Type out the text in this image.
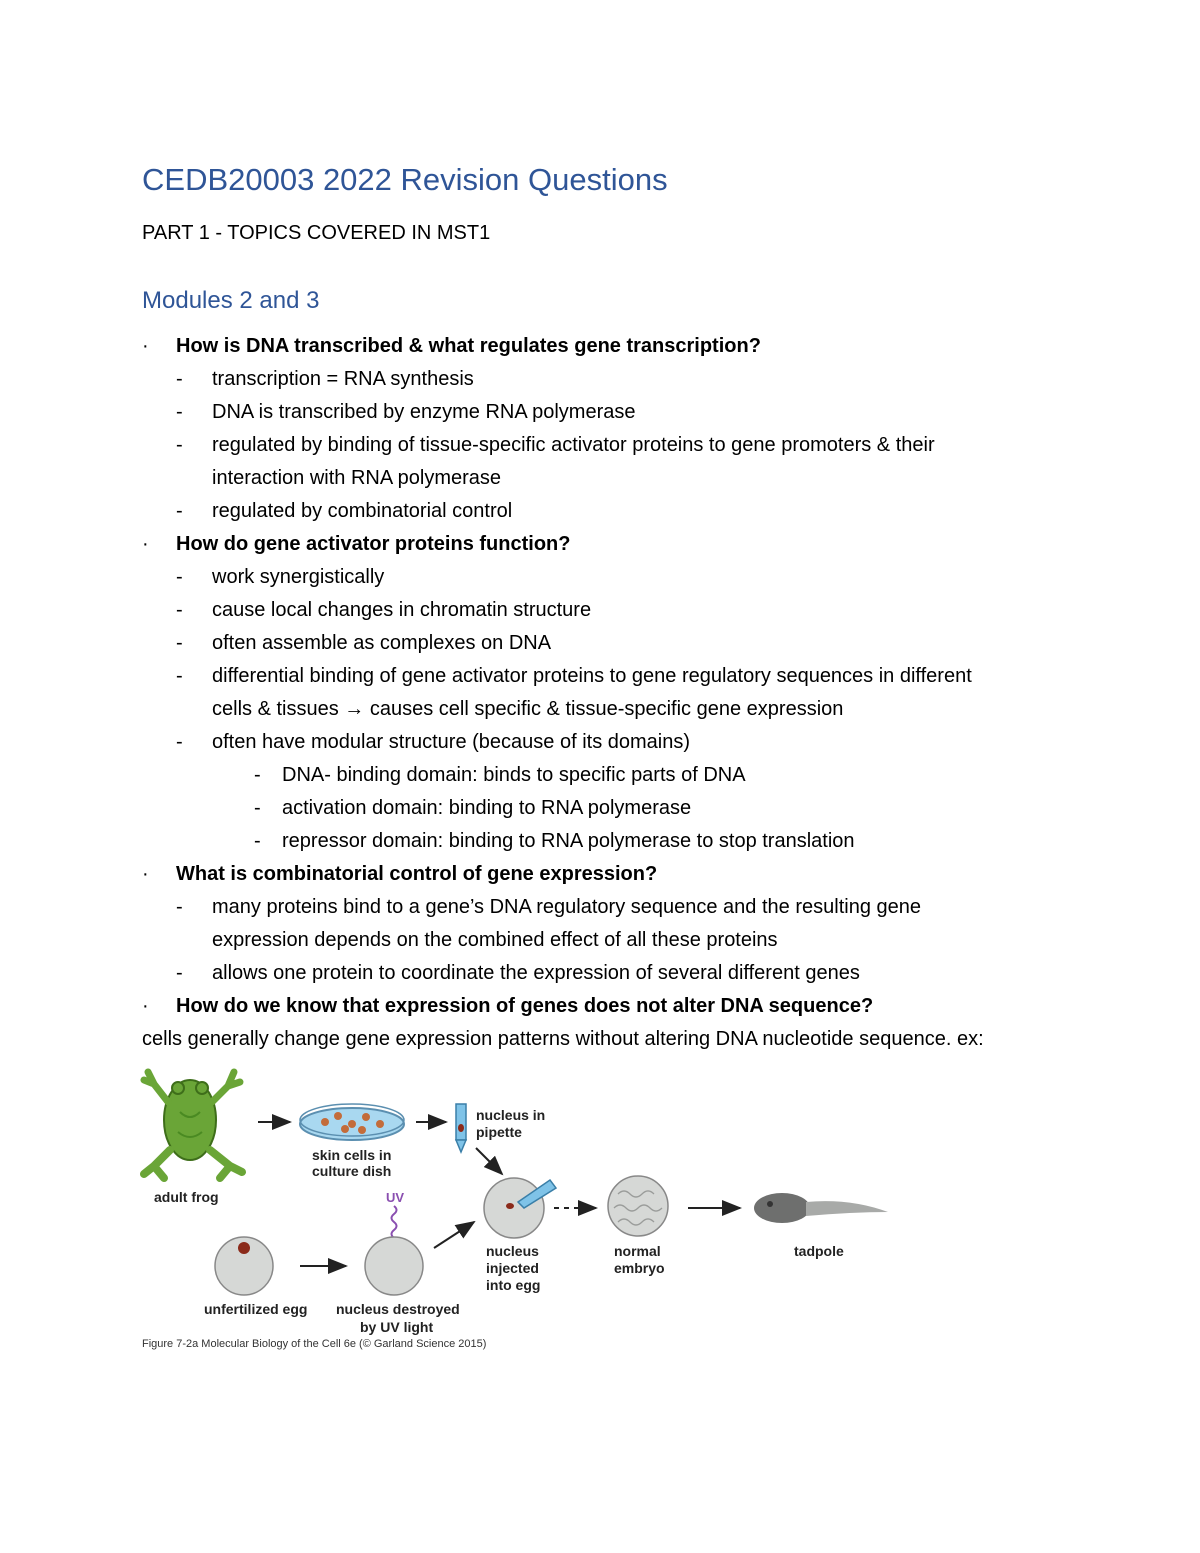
CEDB20003 2022 Revision Questions
PART 1 - TOPICS COVERED IN MST1
Modules 2 and 3
· How is DNA transcribed & what regulates gene transcription?
- transcription = RNA synthesis
- DNA is transcribed by enzyme RNA polymerase
- regulated by binding of tissue-specific activator proteins to gene promoters & their
interaction with RNA polymerase
- regulated by combinatorial control
· How do gene activator proteins function?
- work synergistically
- cause local changes in chromatin structure
- often assemble as complexes on DNA
- differential binding of gene activator proteins to gene regulatory sequences in different
cells & tissues → causes cell specific & tissue-specific gene expression
- often have modular structure (because of its domains)
- DNA- binding domain: binds to specific parts of DNA
- activation domain: binding to RNA polymerase
- repressor domain: binding to RNA polymerase to stop translation
· What is combinatorial control of gene expression?
- many proteins bind to a gene’s DNA regulatory sequence and the resulting gene
expression depends on the combined effect of all these proteins
- allows one protein to coordinate the expression of several different genes
· How do we know that expression of genes does not alter DNA sequence?
cells generally change gene expression patterns without altering DNA nucleotide sequence. ex:
adult frog
skin cells in
culture dish
nucleus in
pipette
unfertilized egg
UV
nucleus destroyed
by UV light
nucleus
injected
into egg
normal
embryo
tadpole
Figure 7-2a Molecular Biology of the Cell 6e (© Garland Science 2015)
